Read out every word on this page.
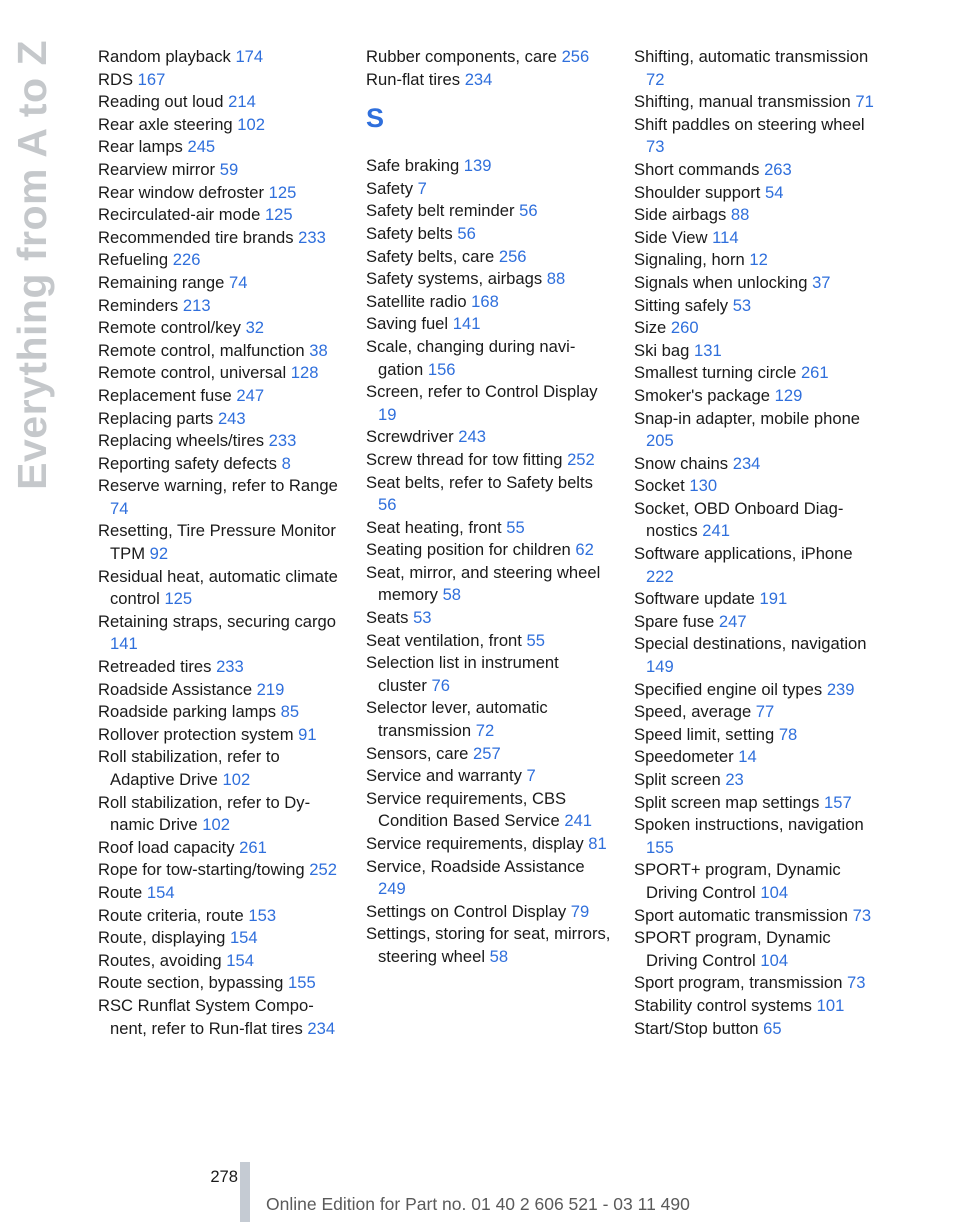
Everything from A to Z	Random playback 174
RDS 167
Reading out loud 214
Rear axle steering 102
Rear lamps 245
Rearview mirror 59
Rear window defroster 125
Recirculated-air mode 125
Recommended tire brands 233
Refueling 226
Remaining range 74
Reminders 213
Remote control/key 32
Remote control, malfunction 38
Remote control, universal 128
Replacement fuse 247
Replacing parts 243
Replacing wheels/tires 233
Reporting safety defects 8
Reserve warning, refer to Range 74
Resetting, Tire Pressure Monitor TPM 92
Residual heat, automatic climate control 125
Retaining straps, securing cargo 141
Retreaded tires 233
Roadside Assistance 219
Roadside parking lamps 85
Rollover protection system 91
Roll stabilization, refer to Adaptive Drive 102
Roll stabilization, refer to Dynamic Drive 102
Roof load capacity 261
Rope for tow-starting/towing 252
Route 154
Route criteria, route 153
Route, displaying 154
Routes, avoiding 154
Route section, bypassing 155
RSC Runflat System Component, refer to Run-flat tires 234
Rubber components, care 256
Run-flat tires 234
S
Safe braking 139
Safety 7
Safety belt reminder 56
Safety belts 56
Safety belts, care 256
Safety systems, airbags 88
Satellite radio 168
Saving fuel 141
Scale, changing during navigation 156
Screen, refer to Control Display 19
Screwdriver 243
Screw thread for tow fitting 252
Seat belts, refer to Safety belts 56
Seat heating, front 55
Seating position for children 62
Seat, mirror, and steering wheel memory 58
Seats 53
Seat ventilation, front 55
Selection list in instrument cluster 76
Selector lever, automatic transmission 72
Sensors, care 257
Service and warranty 7
Service requirements, CBS Condition Based Service 241
Service requirements, display 81
Service, Roadside Assistance 249
Settings on Control Display 79
Settings, storing for seat, mirrors, steering wheel 58
Shifting, automatic transmission 72
Shifting, manual transmission 71
Shift paddles on steering wheel 73
Short commands 263
Shoulder support 54
Side airbags 88
Side View 114
Signaling, horn 12
Signals when unlocking 37
Sitting safely 53
Size 260
Ski bag 131
Smallest turning circle 261
Smoker's package 129
Snap-in adapter, mobile phone 205
Snow chains 234
Socket 130
Socket, OBD Onboard Diagnostics 241
Software applications, iPhone 222
Software update 191
Spare fuse 247
Special destinations, navigation 149
Specified engine oil types 239
Speed, average 77
Speed limit, setting 78
Speedometer 14
Split screen 23
Split screen map settings 157
Spoken instructions, navigation 155
SPORT+ program, Dynamic Driving Control 104
Sport automatic transmission 73
SPORT program, Dynamic Driving Control 104
Sport program, transmission 73
Stability control systems 101
Start/Stop button 65
278
Online Edition for Part no. 01 40 2 606 521 - 03 11 490
